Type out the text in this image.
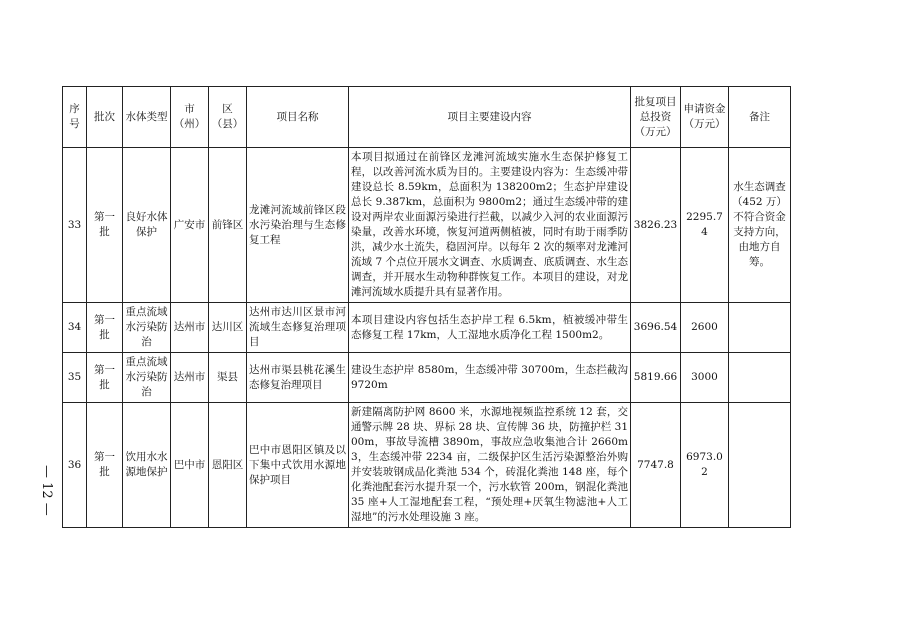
— 12 —
序号	批次	水体类型	市（州）	区（县）	项目名称	项目主要建设内容	批复项目总投资（万元）	申请资金（万元）	备注
33	第一批	良好水体保护	广安市	前锋区	龙滩河流域前锋区段水污染治理与生态修复工程	本项目拟通过在前锋区龙滩河流域实施水生态保护修复工程，以改善河流水质为目的。主要建设内容为：生态缓冲带建设总长 8.59km，总面积为 138200m2；生态护岸建设总长 9.387km，总面积为 9800m2；通过生态缓冲带的建设对两岸农业面源污染进行拦截，以减少入河的农业面源污染量，改善水环境，恢复河道两侧植被，同时有助于雨季防洪，减少水土流失，稳固河岸。以每年 2 次的频率对龙滩河流域 7 个点位开展水文调查、水质调查、底质调查、水生态调查，并开展水生动物种群恢复工作。本项目的建设，对龙滩河流域水质提升具有显著作用。	3826.23	2295.74	水生态调查（452 万）不符合资金支持方向，由地方自筹。
34	第一批	重点流域水污染防治	达州市	达川区	达州市达川区景市河流域生态修复治理项目	本项目建设内容包括生态护岸工程 6.5km，植被缓冲带生态修复工程 17km，人工湿地水质净化工程 1500m2。	3696.54	2600	
35	第一批	重点流域水污染防治	达州市	渠县	达州市渠县桃花溪生态修复治理项目	建设生态护岸 8580m，生态缓冲带 30700m，生态拦截沟 9720m	5819.66	3000	
36	第一批	饮用水水源地保护	巴中市	恩阳区	巴中市恩阳区镇及以下集中式饮用水源地保护项目	新建隔离防护网 8600 米，水源地视频监控系统 12 套，交通警示牌 28 块、界标 28 块、宣传牌 36 块，防撞护栏 3100m，事故导流槽 3890m，事故应急收集池合计 2660m3，生态缓冲带 2234 亩，二级保护区生活污染源整治外购并安装玻钢成品化粪池 534 个，砖混化粪池 148 座，每个化粪池配套污水提升泵一个，污水软管 200m，钢混化粪池 35 座+人工湿地配套工程，“预处理+厌氧生物滤池+人工湿地”的污水处理设施 3 座。	7747.8	6973.02	
